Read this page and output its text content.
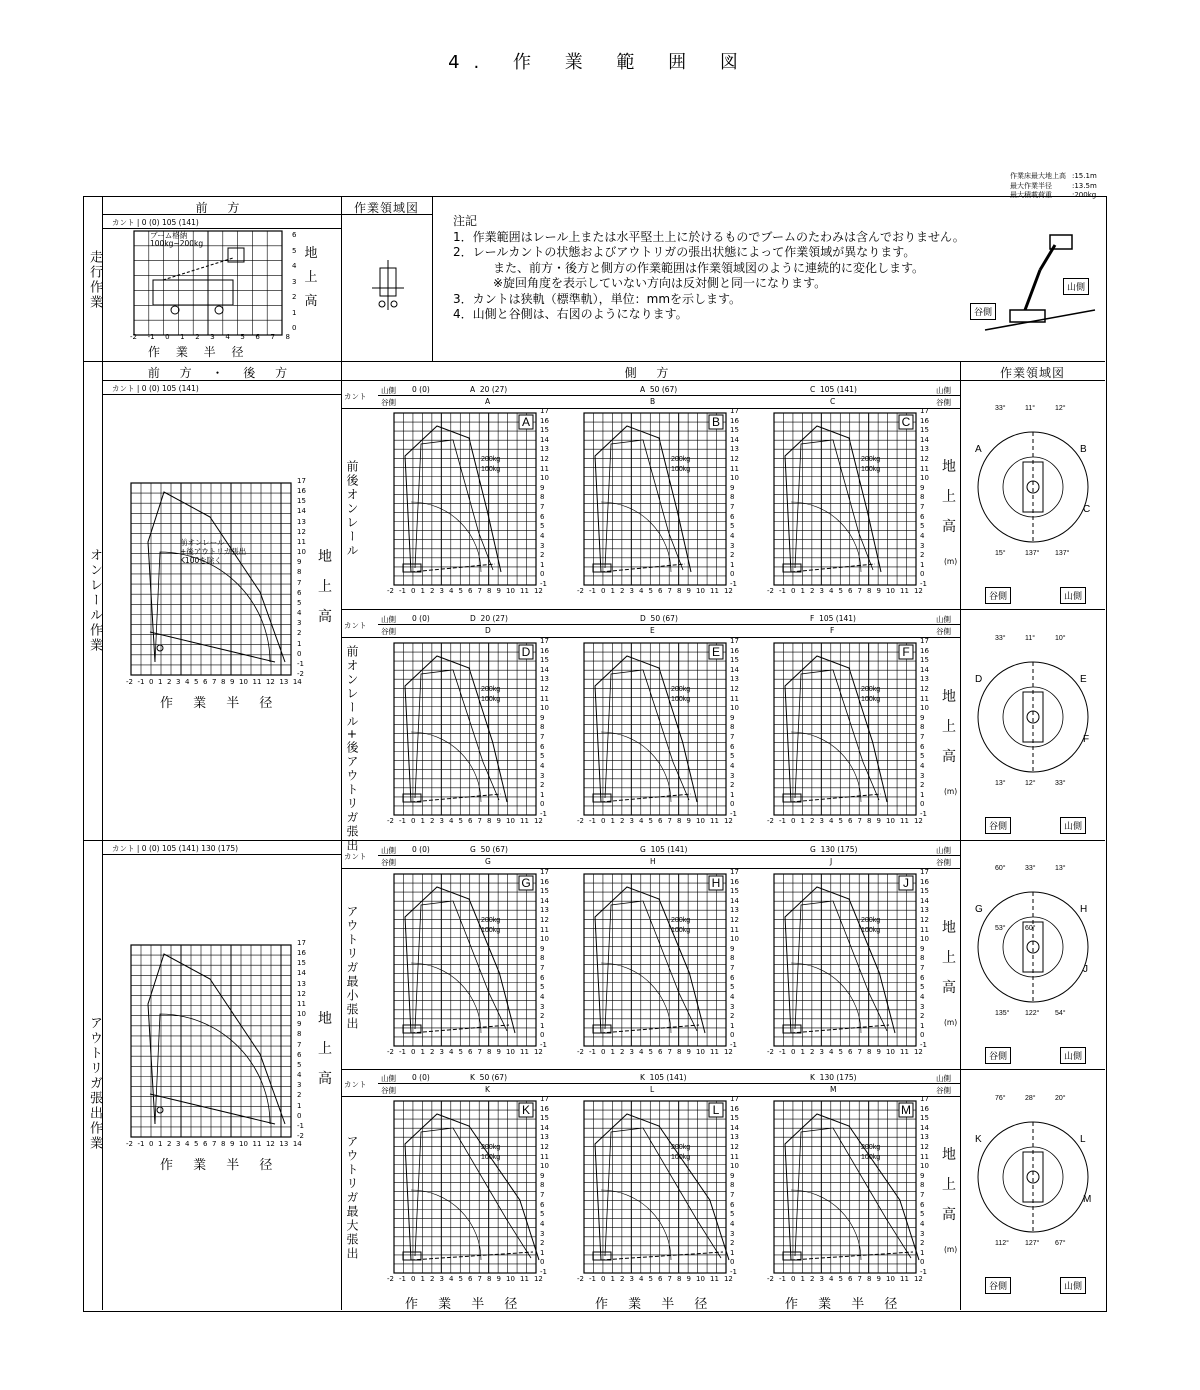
4. 作 業 範 囲 図
作業床最大地上高 :15.1m
最大作業半径	:13.5m
最大積載荷重	:200kg
走行作業
オンレール作業
アウトリガ張出作業
前 方	作業領域図
前 方 ・ 後 方	側 方	作業領域図
カント | 0 (0) 105 (141)
カント | 0 (0) 105 (141)
カント | 0 (0) 105 (141) 130 (175)
注記
1．作業範囲はレール上または水平堅土上に於けるものでブームのたわみは含んでおりません。
2．レールカントの状態およびアウトリガの張出状態によって作業領域が異なります。
また、前方・後方と側方の作業範囲は作業領域図のように連続的に変化します。
※旋回角度を表示していない方向は反対側と同一になります。
3．カントは狭軌（標準軌），単位：mmを示します。
4．山側と谷側は、右図のようになります。	谷側
山側
前後オンレール
前オンレール+後アウトリガ張出
アウトリガ最小張出
アウトリガ最大張出
ブーム格納
100kg~200kg
-2 -1 0 1 2 3 4 5 6 7 8
6
5
4
3
2
1
0
地上高
作 業 半 径
前オンレール
+後アウトリガ張出
K100を除く
-2 -1 0 1 2 3 4 5 6 7 8 9 10 11 12 13 14
17
16
15
14
13
12
11
10
9
8
7
6
5
4
3
2
1
0
-1
-2
地上高
作 業 半 径
-2 -1 0 1 2 3 4 5 6 7 8 9 10 11 12 13 14
17
16
15
14
13
12
11
10
9
8
7
6
5
4
3
2
1
0
-1
-2
地上高
作 業 半 径
カント
山側
谷側
山側
谷側
0 (0)	A  20 (27)	A  50 (67)	C  105 (141)
A	B	C
A
200kg
100kg
-2 -1 0 1 2 3 4 5 6 7 8 9 10 11 12
17
16
15
14
13
12
11
10
9
8
7
6
5
4
3
2
1
0
-1
B
200kg
100kg
-2 -1 0 1 2 3 4 5 6 7 8 9 10 11 12
17
16
15
14
13
12
11
10
9
8
7
6
5
4
3
2
1
0
-1
C
200kg
100kg
-2 -1 0 1 2 3 4 5 6 7 8 9 10 11 12
17
16
15
14
13
12
11
10
9
8
7
6
5
4
3
2
1
0
-1
地上高
(m)
カント
山側
谷側
山側
谷側
0 (0)	D  20 (27)	D  50 (67)	F  105 (141)
D	E	F
D
200kg
100kg
-2 -1 0 1 2 3 4 5 6 7 8 9 10 11 12
17
16
15
14
13
12
11
10
9
8
7
6
5
4
3
2
1
0
-1
E
200kg
100kg
-2 -1 0 1 2 3 4 5 6 7 8 9 10 11 12
17
16
15
14
13
12
11
10
9
8
7
6
5
4
3
2
1
0
-1
F
200kg
100kg
-2 -1 0 1 2 3 4 5 6 7 8 9 10 11 12
17
16
15
14
13
12
11
10
9
8
7
6
5
4
3
2
1
0
-1
地上高
(m)
カント
山側
谷側
山側
谷側
0 (0)	G  50 (67)	G  105 (141)	G  130 (175)
G	H	J
G
200kg
100kg
-2 -1 0 1 2 3 4 5 6 7 8 9 10 11 12
17
16
15
14
13
12
11
10
9
8
7
6
5
4
3
2
1
0
-1
H
200kg
100kg
-2 -1 0 1 2 3 4 5 6 7 8 9 10 11 12
17
16
15
14
13
12
11
10
9
8
7
6
5
4
3
2
1
0
-1
J
200kg
100kg
-2 -1 0 1 2 3 4 5 6 7 8 9 10 11 12
17
16
15
14
13
12
11
10
9
8
7
6
5
4
3
2
1
0
-1
地上高
(m)
カント
山側
谷側
山側
谷側
0 (0)	K  50 (67)	K  105 (141)	K  130 (175)
K	L	M
K
200kg
100kg
-2 -1 0 1 2 3 4 5 6 7 8 9 10 11 12
17
16
15
14
13
12
11
10
9
8
7
6
5
4
3
2
1
0
-1
L
200kg
100kg
-2 -1 0 1 2 3 4 5 6 7 8 9 10 11 12
17
16
15
14
13
12
11
10
9
8
7
6
5
4
3
2
1
0
-1
M
200kg
100kg
-2 -1 0 1 2 3 4 5 6 7 8 9 10 11 12
17
16
15
14
13
12
11
10
9
8
7
6
5
4
3
2
1
0
-1
地上高
(m)
作 業 半 径	作 業 半 径	作 業 半 径
A	B
C
33°	11°	12°
15°	137° 137°
谷側	山側
D	E
F
33°	11°	10°
13°	12°	33°
53°	60°
谷側	山側
G	H
J
60°	33°	13°
135° 122° 54°
谷側	山側
K	L
M
76°	28°	20°
112° 127° 67°
谷側	山側
